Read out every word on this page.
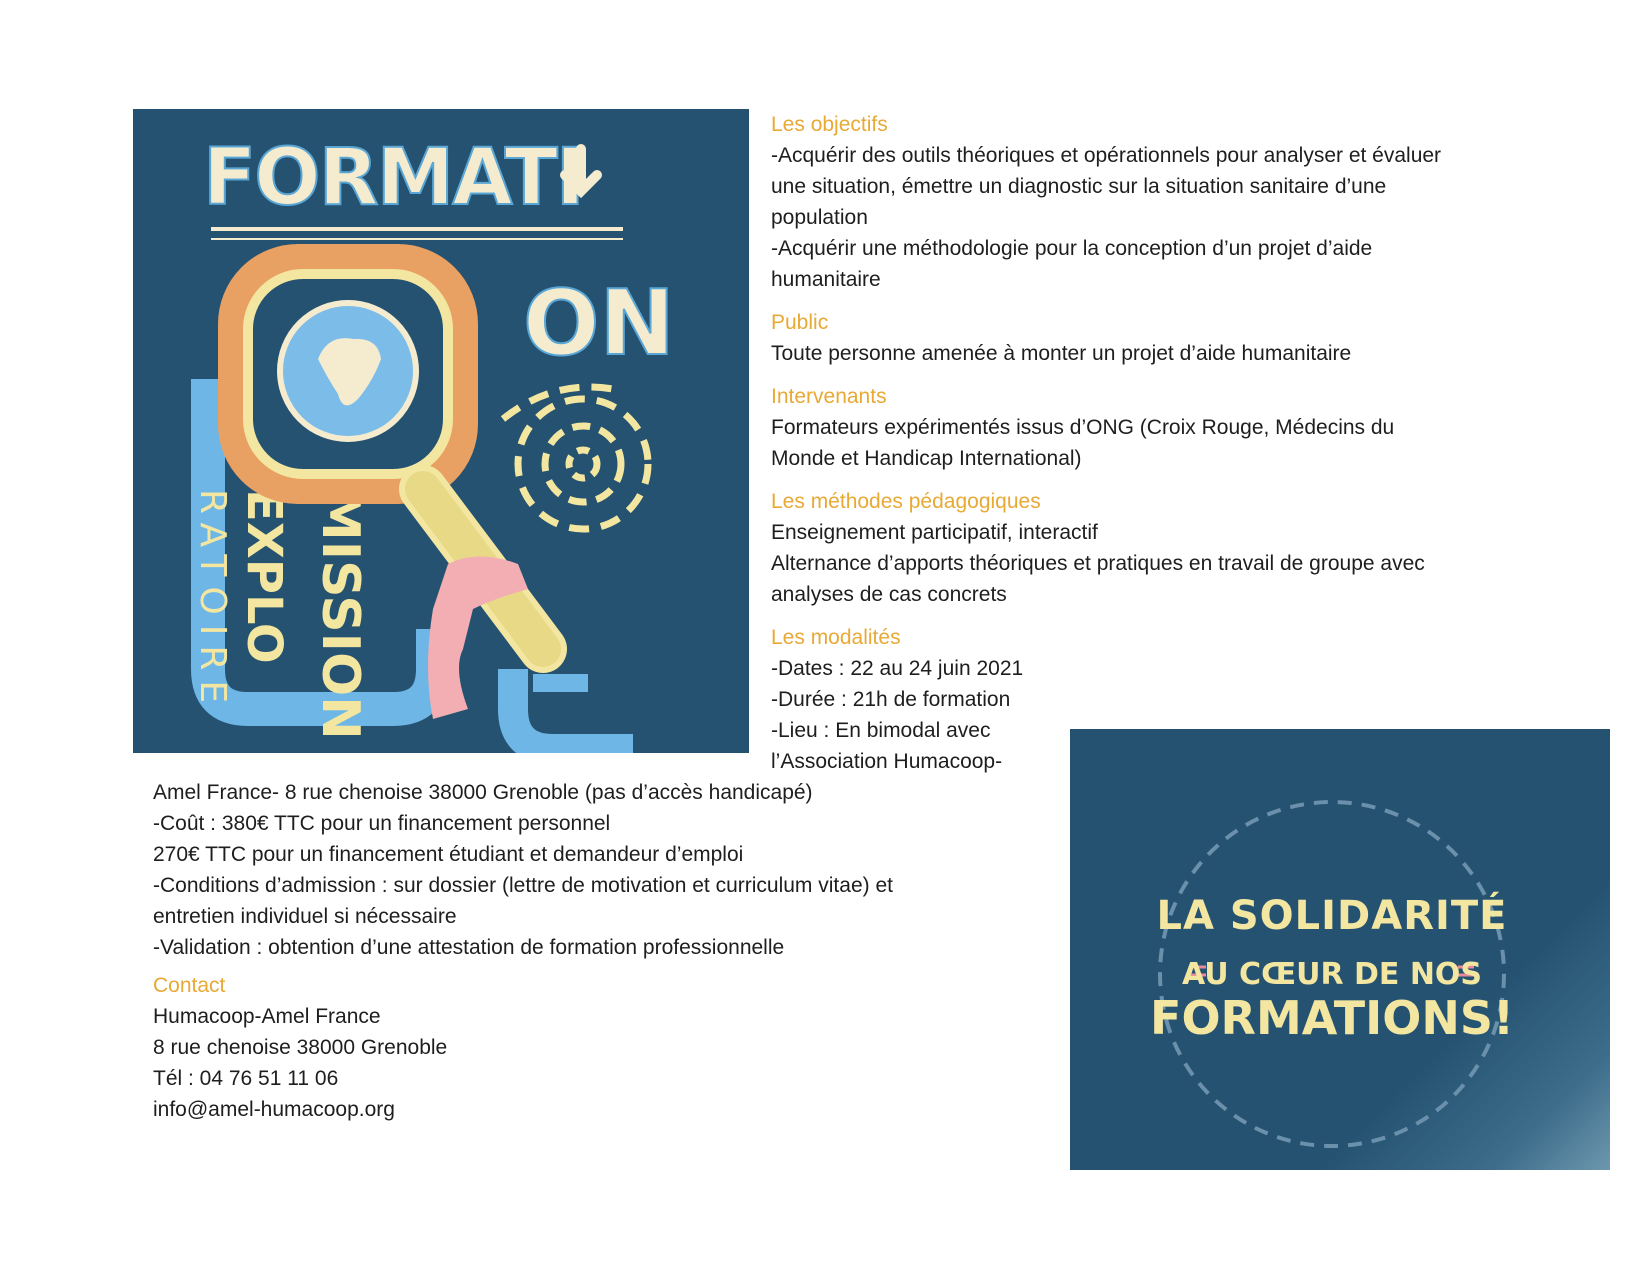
FORMATI
ON
MISSION
EXPLO
RATOIRE
Les objectifs
-Acquérir des outils théoriques et opérationnels pour analyser et évaluer
une situation, émettre un diagnostic sur la situation sanitaire d’une
population
-Acquérir une méthodologie pour la conception d’un projet d’aide
humanitaire
Public
Toute personne amenée à monter un projet d’aide humanitaire
Intervenants
Formateurs expérimentés issus d’ONG (Croix Rouge, Médecins du
Monde et Handicap International)
Les méthodes pédagogiques
Enseignement participatif, interactif
Alternance d’apports théoriques et pratiques en travail de groupe avec
analyses de cas concrets
Les modalités
-Dates : 22 au 24 juin 2021
-Durée : 21h de formation
-Lieu : En bimodal avec
l’Association Humacoop-
Amel France- 8 rue chenoise 38000 Grenoble (pas d’accès handicapé)
-Coût : 380€ TTC pour un financement personnel
270€ TTC pour un financement étudiant et demandeur d’emploi
-Conditions d’admission : sur dossier (lettre de motivation et curriculum vitae) et
entretien individuel si nécessaire
-Validation : obtention d’une attestation de formation professionnelle
Contact
Humacoop-Amel France
8 rue chenoise 38000 Grenoble
Tél : 04 76 51 11 06
info@amel-humacoop.org
LA SOLIDARITÉ
AU CŒUR DE NOS
FORMATIONS!
